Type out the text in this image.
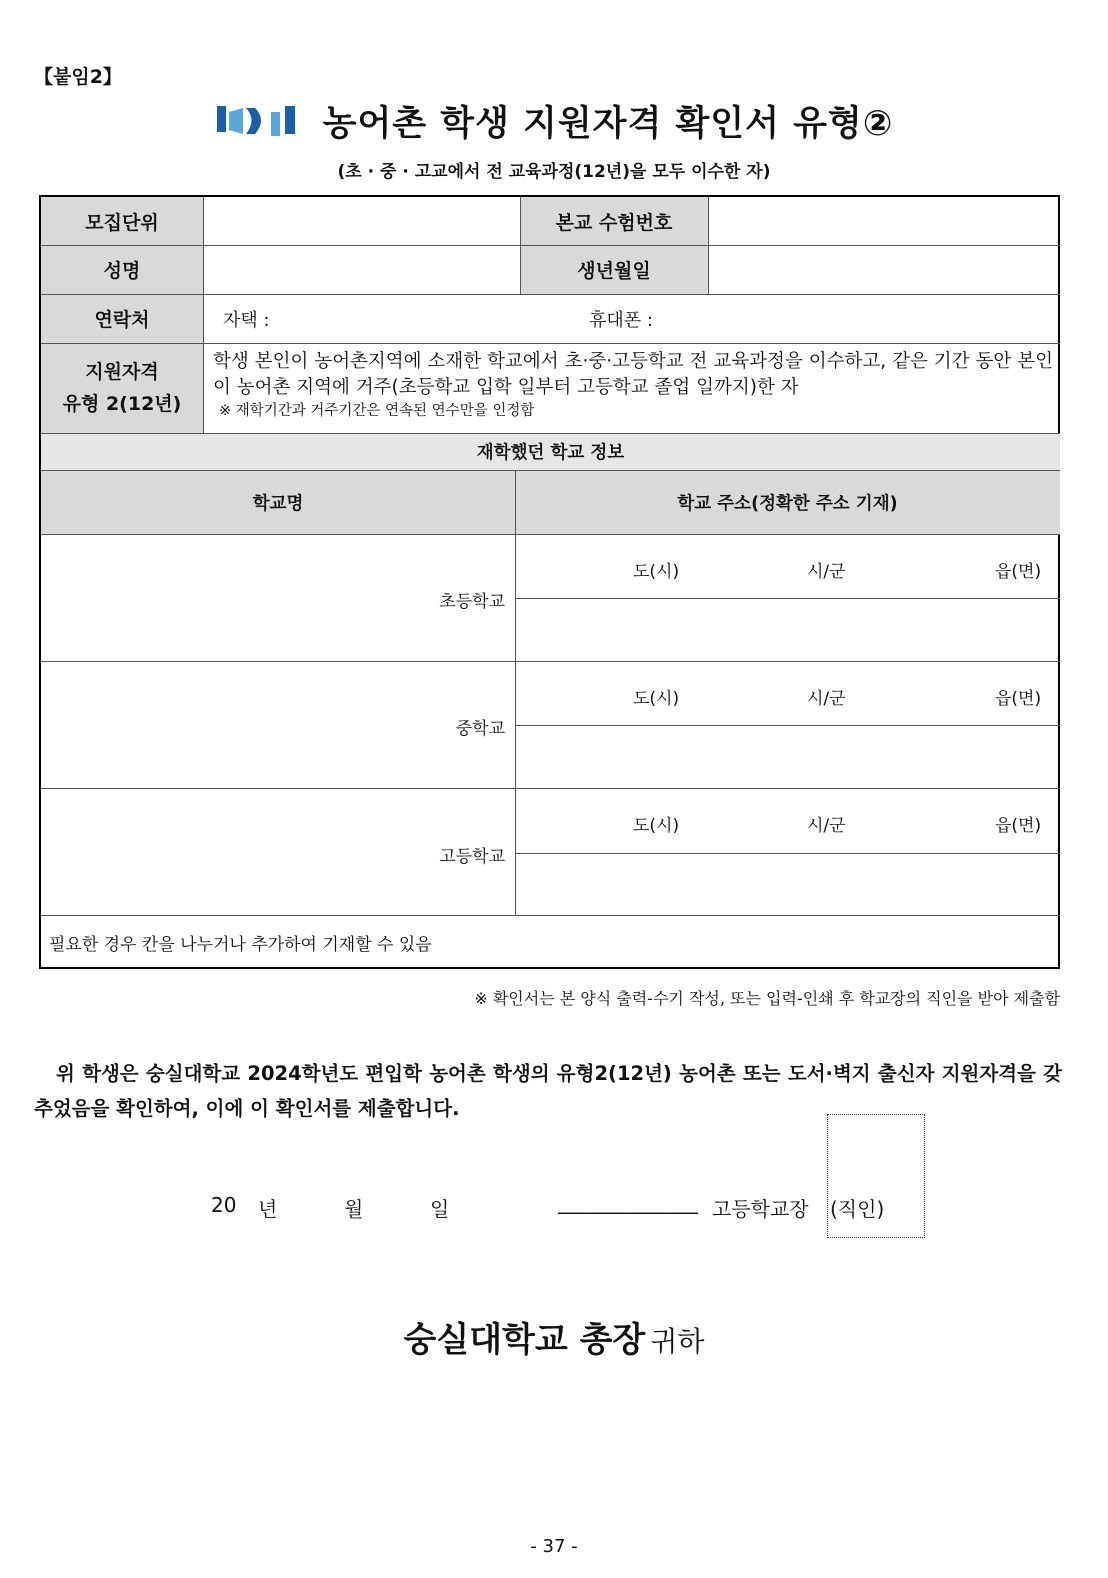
【붙임2】
농어촌 학생 지원자격 확인서 유형②
(초 · 중 · 고교에서 전 교육과정(12년)을 모두 이수한 자)
모집단위	본교 수험번호
성명	생년월일
연락처	자택 :	휴대폰 :
지원자격
유형 2(12년)
학생 본인이 농어촌지역에 소재한 학교에서 초·중·고등학교 전 교육과정을 이수하고, 같은 기간 동안 본인이 농어촌 지역에 거주(초등학교 입학 일부터 고등학교 졸업 일까지)한 자
※ 재학기간과 거주기간은 연속된 연수만을 인정함
재학했던 학교 정보
학교명	학교 주소(정확한 주소 기재)
초등학교
도(시)	시/군	읍(면)
중학교
도(시)	시/군	읍(면)
고등학교
도(시)	시/군	읍(면)
필요한 경우 칸을 나누거나 추가하여 기재할 수 있음
※ 확인서는 본 양식 출력-수기 작성, 또는 입력-인쇄 후 학교장의 직인을 받아 제출함
위 학생은 숭실대학교 2024학년도 편입학 농어촌 학생의 유형2(12년) 농어촌 또는 도서·벽지 출신자 지원자격을 갖추었음을 확인하여, 이에 이 확인서를 제출합니다.
20 년	월	일	______________ 고등학교장 (직인)
숭실대학교 총장 귀하
- 37 -
